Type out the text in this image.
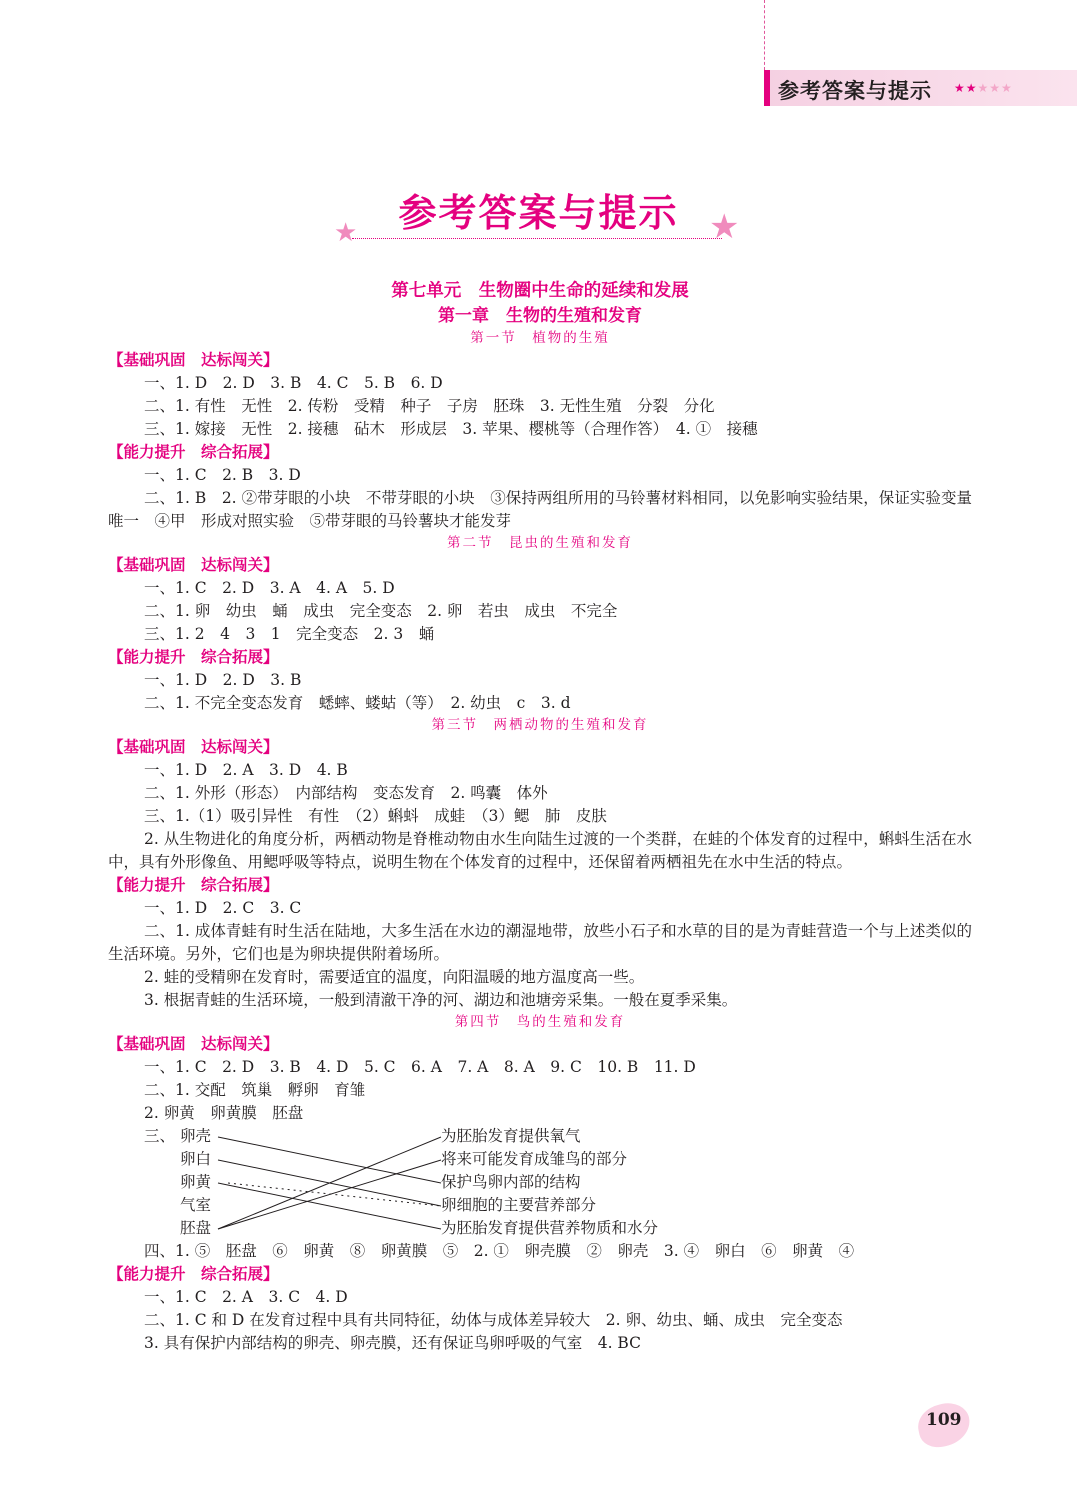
参考答案与提示 ★★★★★
参考答案与提示
★	★
第七单元　生物圈中生命的延续和发展
第一章　生物的生殖和发育
第一节　植物的生殖
【基础巩固　达标闯关】
一、1. D　2. D　3. B　4. C　5. B　6. D
二、1. 有性　无性　2. 传粉　受精　种子　子房　胚珠　3. 无性生殖　分裂　分化
三、1. 嫁接　无性　2. 接穗　砧木　形成层　3. 苹果、樱桃等（合理作答）　4. ①　接穗
【能力提升　综合拓展】
一、1. C　2. B　3. D
二、1. B　2. ②带芽眼的小块　不带芽眼的小块　③保持两组所用的马铃薯材料相同，以免影响实验结果，保证实验变量唯一　④甲　形成对照实验　⑤带芽眼的马铃薯块才能发芽
第二节　昆虫的生殖和发育
【基础巩固　达标闯关】
一、1. C　2. D　3. A　4. A　5. D
二、1. 卵　幼虫　蛹　成虫　完全变态　2. 卵　若虫　成虫　不完全
三、1. 2　4　3　1　完全变态　2. 3　蛹
【能力提升　综合拓展】
一、1. D　2. D　3. B
二、1. 不完全变态发育　蟋蟀、蝼蛄（等）　2. 幼虫　c　3. d
第三节　两栖动物的生殖和发育
【基础巩固　达标闯关】
一、1. D　2. A　3. D　4. B
二、1. 外形（形态）　内部结构　变态发育　2. 鸣囊　体外
三、1.（1）吸引异性　有性　（2）蝌蚪　成蛙　（3）鳃　肺　皮肤
2. 从生物进化的角度分析，两栖动物是脊椎动物由水生向陆生过渡的一个类群，在蛙的个体发育的过程中，蝌蚪生活在水中，具有外形像鱼、用鳃呼吸等特点，说明生物在个体发育的过程中，还保留着两栖祖先在水中生活的特点。
【能力提升　综合拓展】
一、1. D　2. C　3. C
二、1. 成体青蛙有时生活在陆地，大多生活在水边的潮湿地带，放些小石子和水草的目的是为青蛙营造一个与上述类似的生活环境。另外，它们也是为卵块提供附着场所。
2. 蛙的受精卵在发育时，需要适宜的温度，向阳温暖的地方温度高一些。
3. 根据青蛙的生活环境，一般到清澈干净的河、湖边和池塘旁采集。一般在夏季采集。
第四节　鸟的生殖和发育
【基础巩固　达标闯关】
一、1. C　2. D　3. B　4. D　5. C　6. A　7. A　8. A　9. C　10. B　11. D
二、1. 交配　筑巢　孵卵　育雏
2. 卵黄　卵黄膜　胚盘
三、 卵壳
卵白
卵黄
气室
胚盘
为胚胎发育提供氧气
将来可能发育成雏鸟的部分
保护鸟卵内部的结构
卵细胞的主要营养部分
为胚胎发育提供营养物质和水分
四、1. ⑤　胚盘　⑥　卵黄　⑧　卵黄膜　⑤　2. ①　卵壳膜　②　卵壳　3. ④　卵白　⑥　卵黄　④
【能力提升　综合拓展】
一、1. C　2. A　3. C　4. D
二、1. C 和 D 在发育过程中具有共同特征，幼体与成体差异较大　2. 卵、幼虫、蛹、成虫　完全变态
3. 具有保护内部结构的卵壳、卵壳膜，还有保证鸟卵呼吸的气室　4. BC
109
